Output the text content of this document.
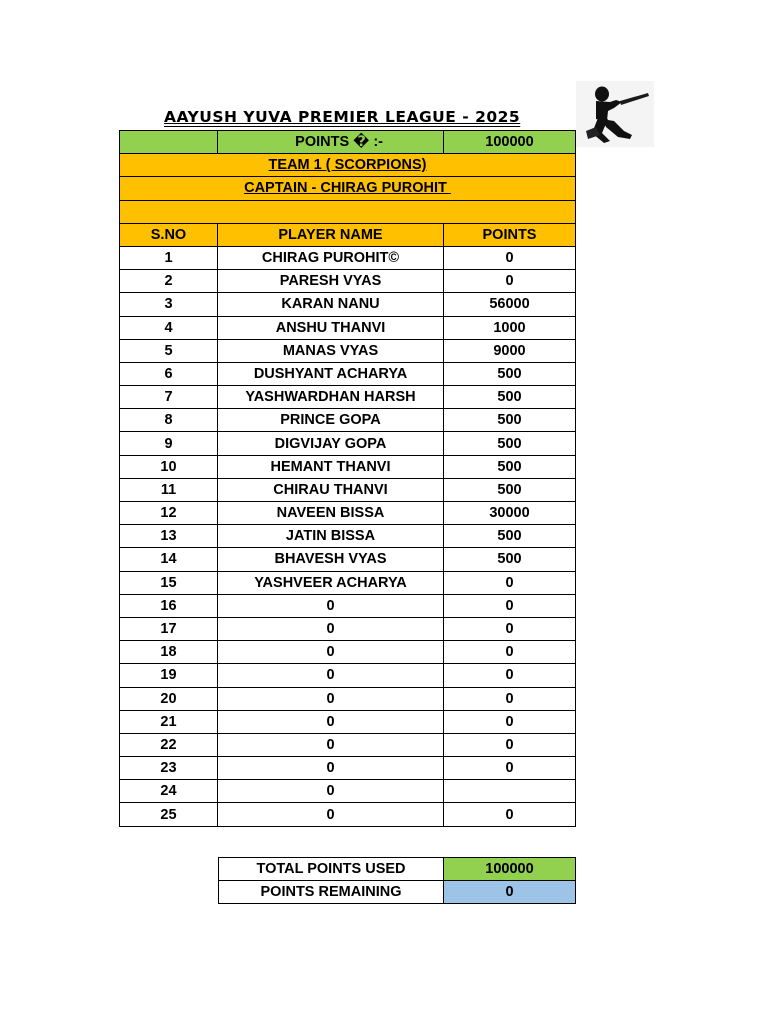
AAYUSH YUVA PREMIER LEAGUE - 2025
	POINTS � :-	100000
TEAM 1 ( SCORPIONS)		
CAPTAIN - CHIRAG PUROHIT		

S.NO	PLAYER NAME	POINTS
1	CHIRAG PUROHIT©	0
2	PARESH VYAS	0
3	KARAN NANU	56000
4	ANSHU THANVI	1000
5	MANAS VYAS	9000
6	DUSHYANT ACHARYA	500
7	YASHWARDHAN HARSH	500
8	PRINCE GOPA	500
9	DIGVIJAY GOPA	500
10	HEMANT THANVI	500
11	CHIRAU THANVI	500
12	NAVEEN BISSA	30000
13	JATIN BISSA	500
14	BHAVESH VYAS	500
15	YASHVEER ACHARYA	0
16	0	0
17	0	0
18	0	0
19	0	0
20	0	0
21	0	0
22	0	0
23	0	0
24	0	
25	0	0
TOTAL POINTS USED	100000
POINTS REMAINING	0
